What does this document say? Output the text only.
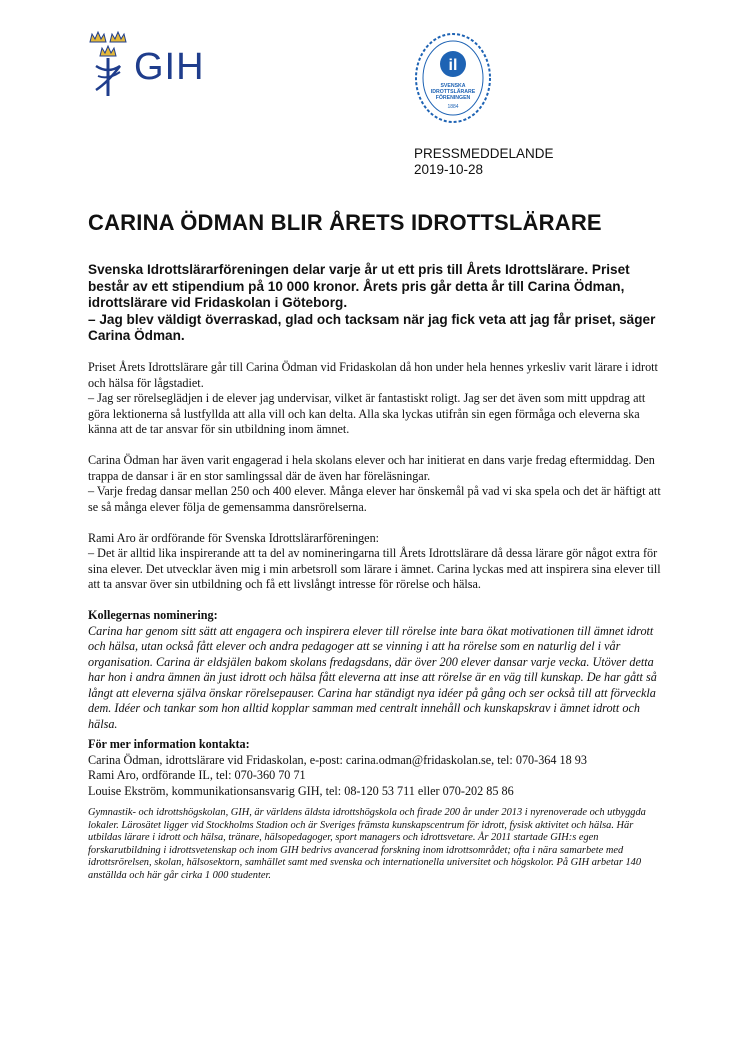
GIH	il
SVENSKA
IDROTTSLÄRARE
FÖRENINGEN
1884
PRESSMEDDELANDE
2019-10-28
CARINA ÖDMAN BLIR ÅRETS IDROTTSLÄRARE

Svenska Idrottslärarföreningen delar varje år ut ett pris till Årets Idrottslärare. Priset består av ett stipendium på 10 000 kronor. Årets pris går detta år till Carina Ödman, idrottslärare vid Fridaskolan i Göteborg.

– Jag blev väldigt överraskad, glad och tacksam när jag fick veta att jag får priset, säger Carina Ödman.

Priset Årets Idrottslärare går till Carina Ödman vid Fridaskolan då hon under hela hennes yrkesliv varit lärare i idrott och hälsa för lågstadiet.

– Jag ser rörelseglädjen i de elever jag undervisar, vilket är fantastiskt roligt. Jag ser det även som mitt uppdrag att göra lektionerna så lustfyllda att alla vill och kan delta. Alla ska lyckas utifrån sin egen förmåga och eleverna ska känna att de tar ansvar för sin utbildning inom ämnet.

Carina Ödman har även varit engagerad i hela skolans elever och har initierat en dans varje fredag eftermiddag. Den trappa de dansar i är en stor samlingssal där de även har föreläsningar.

– Varje fredag dansar mellan 250 och 400 elever. Många elever har önskemål på vad vi ska spela och det är häftigt att se så många elever följa de gemensamma dansrörelserna.

Rami Aro är ordförande för Svenska Idrottslärarföreningen:

– Det är alltid lika inspirerande att ta del av nomineringarna till Årets Idrottslärare då dessa lärare gör något extra för sina elever. Det utvecklar även mig i min arbetsroll som lärare i ämnet. Carina lyckas med att inspirera sina elever till att ta ansvar över sin utbildning och få ett livslångt intresse för rörelse och hälsa.

Kollegernas nominering:

Carina har genom sitt sätt att engagera och inspirera elever till rörelse inte bara ökat motivationen till ämnet idrott och hälsa, utan också fått elever och andra pedagoger att se vinning i att ha rörelse som en naturlig del i vår organisation. Carina är eldsjälen bakom skolans fredagsdans, där över 200 elever dansar varje vecka. Utöver detta har hon i andra ämnen än just idrott och hälsa fått eleverna att inse att rörelse är en väg till kunskap. De har gått så långt att eleverna själva önskar rörelsepauser. Carina har ständigt nya idéer på gång och ser också till att förveckla dem. Idéer och tankar som hon alltid kopplar samman med centralt innehåll och kunskapskrav i ämnet idrott och hälsa.

För mer information kontakta:

Carina Ödman, idrottslärare vid Fridaskolan, e-post: carina.odman@fridaskolan.se, tel: 070-364 18 93

Rami Aro, ordförande IL, tel: 070-360 70 71

Louise Ekström, kommunikationsansvarig GIH, tel: 08-120 53 711 eller 070-202 85 86

Gymnastik- och idrottshögskolan, GIH, är världens äldsta idrottshögskola och firade 200 år under 2013 i nyrenoverade och utbyggda lokaler. Lärosätet ligger vid Stockholms Stadion och är Sveriges främsta kunskapscentrum för idrott, fysisk aktivitet och hälsa. Här utbildas lärare i idrott och hälsa, tränare, hälsopedagoger, sport managers och idrottsvetare. År 2011 startade GIH:s egen forskarutbildning i idrottsvetenskap och inom GIH bedrivs avancerad forskning inom idrottsområdet; ofta i nära samarbete med idrottsrörelsen, skolan, hälsosektorn, samhället samt med svenska och internationella universitet och högskolor. På GIH arbetar 140 anställda och här går cirka 1 000 studenter.
